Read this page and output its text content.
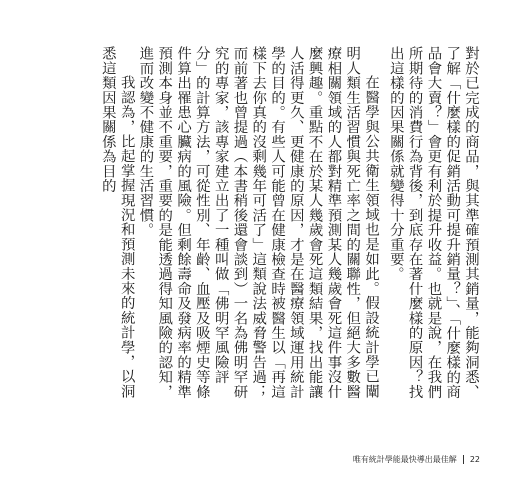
對於已完成的商品，與其準確預測其銷量，能夠洞悉、了解「什麼樣的促銷活動可提升銷量？」、「什麼樣的商品會大賣？」會更有利於提升收益。也就是說，在我們所期待的消費行為背後，到底存在著什麼樣的原因？找出這樣的因果關係就變得十分重要。

在醫學與公共衛生領域也是如此。假設統計學已闡明人類生活習慣與死亡率之間的關聯性，但絕大多數醫療相關領域的人都對精準預測某人幾歲會死這件事沒什麼興趣。重點不在於某人幾歲會死這類結果，找出能讓人活得更久、更健康的原因，才是在醫療領域運用統計學的目的。有些人可能曾在健康檢查時被醫生以「再這樣下去你真的沒剩幾年可活了」這類說法威脅警告過；而前著也曾提過（本書稍後還會談到）一名為佛明罕研究的專家，該專家建立出了一種叫做「佛明罕風險評分」的計算方法，可從性別、年齡、血壓及吸煙史等條件算出罹患心臟病的風險。但剩餘壽命及發病率的精準預測本身並不重要，重要的是能透過得知風險的認知，進而改變不健康的生活習慣。

我認為，比起掌握現況和預測未來的統計學，以洞悉這類因果關係為目的

唯有統計學能最快導出最佳解 22
